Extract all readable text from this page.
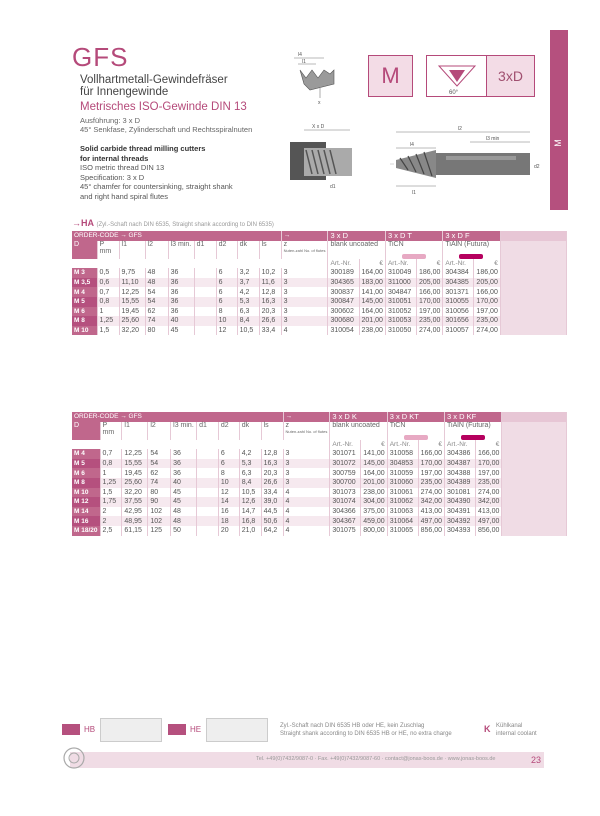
GFS
Vollhartmetall-Gewindefräser
für Innengewinde
Metrisches ISO-Gewinde DIN 13
Ausführung: 3 x D
45° Senkfase, Zylinderschaft und Rechtsspiralnuten
Solid carbide thread milling cutters
for internal threads
ISO metric thread DIN 13
Specification: 3 x D
45° chamfer for countersinking, straight shank
and right hand spiral flutes
l4
l1
x
M
60°
3xD
M
X x D
d1
l2
l3 min
l4
l1
d2
→HA (Zyl.-Schaft nach DIN 6535, Straight shank according to DIN 6535)
ORDER-CODE → GFS									→	3 x D		3 x D T		3 x D F		
D	P
mm	l1	l2	l3 min.	d1	d2	dk	ls	z
Nuten-zahl No. of flutes	blank uncoated		TiCN		TiAlN (Futura)		

										Art.-Nr.	€	Art.-Nr.	€	Art.-Nr.	€	
M 3	0,5	9,75	48	36		6	3,2	10,2	3	300189	164,00	310049	186,00	304384	186,00	
M 3,5	0,6	11,10	48	36		6	3,7	11,6	3	304365	183,00	311000	205,00	304385	205,00	
M 4	0,7	12,25	54	36		6	4,2	12,8	3	300837	141,00	304847	166,00	301371	166,00	
M 5	0,8	15,55	54	36		6	5,3	16,3	3	300847	145,00	310051	170,00	310055	170,00	
M 6	1	19,45	62	36		8	6,3	20,3	3	300602	164,00	310052	197,00	310056	197,00	
M 8	1,25	25,60	74	40		10	8,4	26,6	3	300680	201,00	310053	235,00	301656	235,00	
M 10	1,5	32,20	80	45		12	10,5	33,4	4	310054	238,00	310050	274,00	310057	274,00	
ORDER-CODE → GFS									→	3 x D K		3 x D KT		3 x D KF		
D	P
mm	l1	l2	l3 min.	d1	d2	dk	ls	z
Nuten-zahl No. of flutes	blank uncoated		TiCN		TiAlN (Futura)		

										Art.-Nr.	€	Art.-Nr.	€	Art.-Nr.	€	
M 4	0,7	12,25	54	36		6	4,2	12,8	3	301071	141,00	310058	166,00	304386	166,00	
M 5	0,8	15,55	54	36		6	5,3	16,3	3	301072	145,00	304853	170,00	304387	170,00	
M 6	1	19,45	62	36		8	6,3	20,3	3	300759	164,00	310059	197,00	304388	197,00	
M 8	1,25	25,60	74	40		10	8,4	26,6	3	300700	201,00	310060	235,00	304389	235,00	
M 10	1,5	32,20	80	45		12	10,5	33,4	4	301073	238,00	310061	274,00	301081	274,00	
M 12	1,75	37,55	90	45		14	12,6	39,0	4	301074	304,00	310062	342,00	304390	342,00	
M 14	2	42,95	102	48		16	14,7	44,5	4	304366	375,00	310063	413,00	304391	413,00	
M 16	2	48,95	102	48		18	16,8	50,6	4	304367	459,00	310064	497,00	304392	497,00	
M 18/20	2,5	61,15	125	50		20	21,0	64,2	4	301075	800,00	310065	856,00	304393	856,00	
HB	HE	Zyl.-Schaft nach DIN 6535 HB oder HE, kein Zuschlag
Straight shank according to DIN 6535 HB or HE, no extra charge	K Kühlkanal
internal coolant
Tel. +49(0)7432/9087-0 · Fax. +49(0)7432/9087-60 · contact@jonas-boos.de · www.jonas-boos.de	23
